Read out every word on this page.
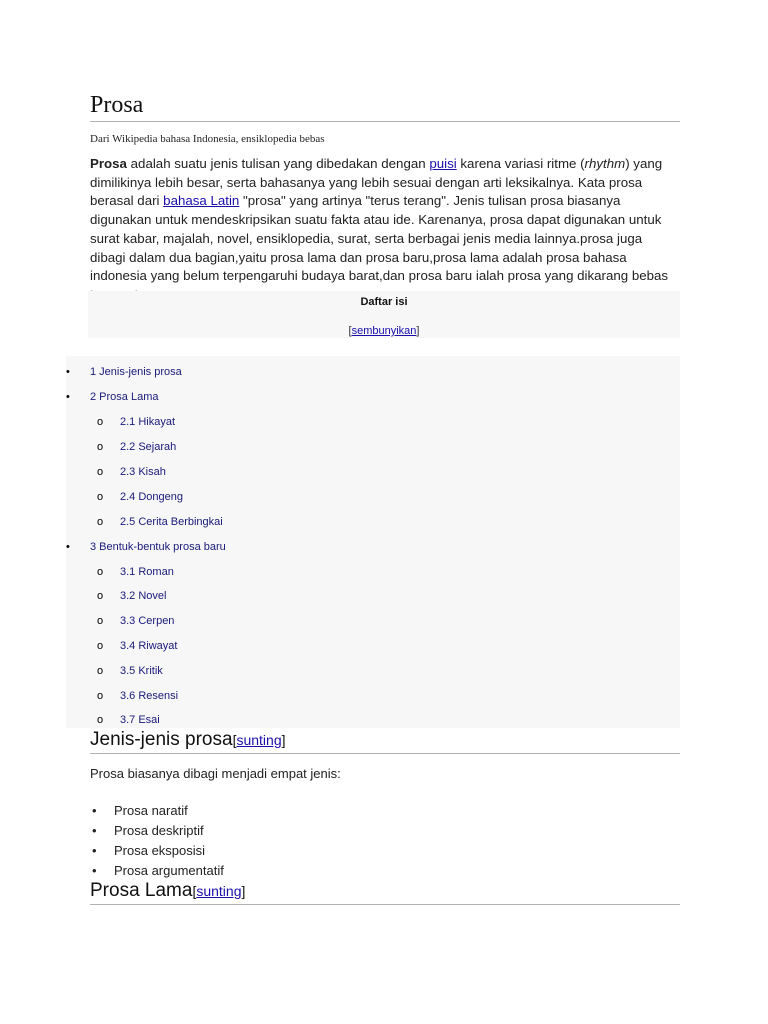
Prosa
Dari Wikipedia bahasa Indonesia, ensiklopedia bebas
Prosa adalah suatu jenis tulisan yang dibedakan dengan puisi karena variasi ritme (rhythm) yang dimilikinya lebih besar, serta bahasanya yang lebih sesuai dengan arti leksikalnya. Kata prosa berasal dari bahasa Latin "prosa" yang artinya "terus terang". Jenis tulisan prosa biasanya digunakan untuk mendeskripsikan suatu fakta atau ide. Karenanya, prosa dapat digunakan untuk surat kabar, majalah, novel, ensiklopedia, surat, serta berbagai jenis media lainnya.prosa juga dibagi dalam dua bagian,yaitu prosa lama dan prosa baru,prosa lama adalah prosa bahasa indonesia yang belum terpengaruhi budaya barat,dan prosa baru ialah prosa yang dikarang bebas
Daftar isi
[sembunyikan]
• 1 Jenis-jenis prosa
• 2 Prosa Lama
o 2.1 Hikayat
o 2.2 Sejarah
o 2.3 Kisah
o 2.4 Dongeng
o 2.5 Cerita Berbingkai
• 3 Bentuk-bentuk prosa baru
o 3.1 Roman
o 3.2 Novel
o 3.3 Cerpen
o 3.4 Riwayat
o 3.5 Kritik
o 3.6 Resensi
o 3.7 Esai
Jenis-jenis prosa[sunting]
Prosa biasanya dibagi menjadi empat jenis:
• Prosa naratif
• Prosa deskriptif
• Prosa eksposisi
• Prosa argumentatif
Prosa Lama[sunting]
